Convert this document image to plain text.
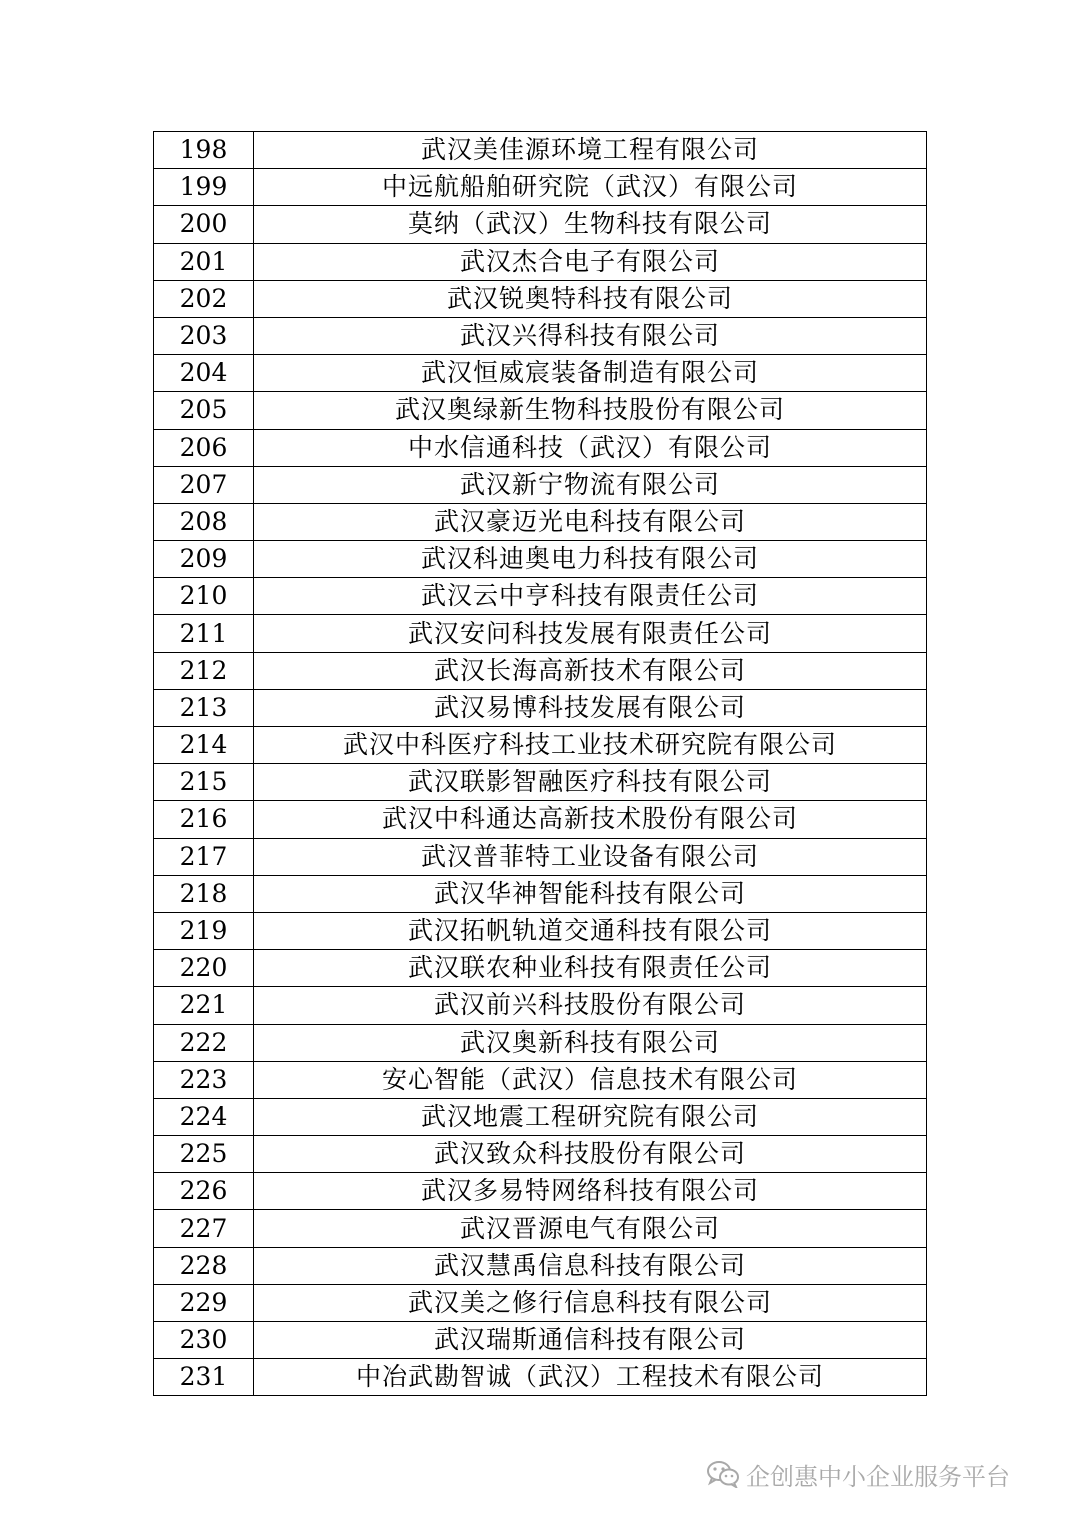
198	武汉美佳源环境工程有限公司
199	中远航船舶研究院（武汉）有限公司
200	莫纳（武汉）生物科技有限公司
201	武汉杰合电子有限公司
202	武汉锐奥特科技有限公司
203	武汉兴得科技有限公司
204	武汉恒威宸装备制造有限公司
205	武汉奥绿新生物科技股份有限公司
206	中水信通科技（武汉）有限公司
207	武汉新宁物流有限公司
208	武汉豪迈光电科技有限公司
209	武汉科迪奥电力科技有限公司
210	武汉云中亨科技有限责任公司
211	武汉安问科技发展有限责任公司
212	武汉长海高新技术有限公司
213	武汉易博科技发展有限公司
214	武汉中科医疗科技工业技术研究院有限公司
215	武汉联影智融医疗科技有限公司
216	武汉中科通达高新技术股份有限公司
217	武汉普菲特工业设备有限公司
218	武汉华神智能科技有限公司
219	武汉拓帆轨道交通科技有限公司
220	武汉联农种业科技有限责任公司
221	武汉前兴科技股份有限公司
222	武汉奥新科技有限公司
223	安心智能（武汉）信息技术有限公司
224	武汉地震工程研究院有限公司
225	武汉致众科技股份有限公司
226	武汉多易特网络科技有限公司
227	武汉晋源电气有限公司
228	武汉慧禹信息科技有限公司
229	武汉美之修行信息科技有限公司
230	武汉瑞斯通信科技有限公司
231	中冶武勘智诚（武汉）工程技术有限公司
企创惠中小企业服务平台
